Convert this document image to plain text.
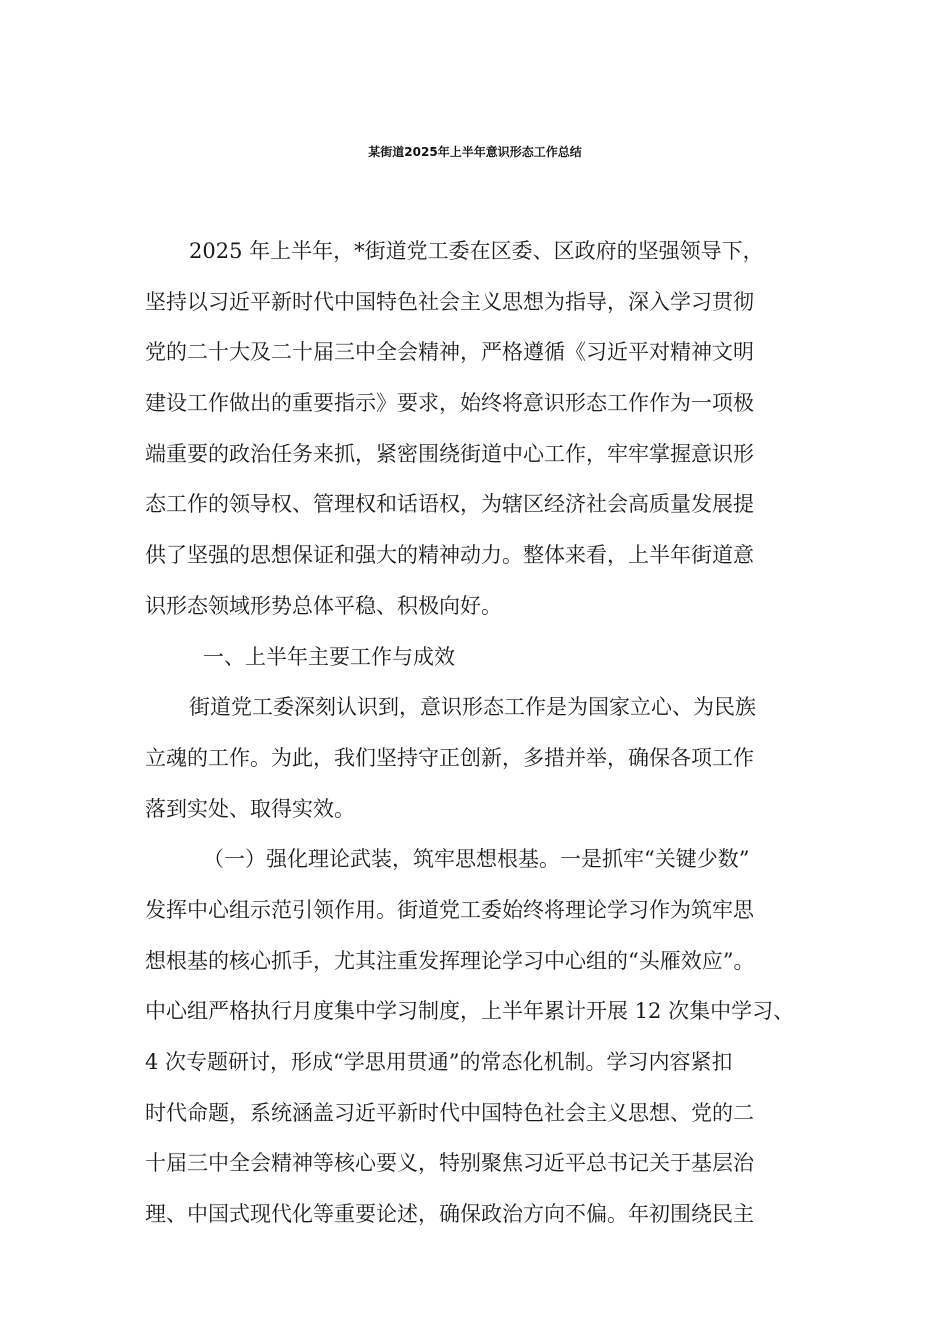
某街道2025年上半年意识形态工作总结
2025 年上半年，*街道党工委在区委、区政府的坚强领导下，
坚持以习近平新时代中国特色社会主义思想为指导，深入学习贯彻
党的二十大及二十届三中全会精神，严格遵循《习近平对精神文明
建设工作做出的重要指示》要求，始终将意识形态工作作为一项极
端重要的政治任务来抓，紧密围绕街道中心工作，牢牢掌握意识形
态工作的领导权、管理权和话语权，为辖区经济社会高质量发展提
供了坚强的思想保证和强大的精神动力。整体来看，上半年街道意
识形态领域形势总体平稳、积极向好。
一、上半年主要工作与成效
街道党工委深刻认识到，意识形态工作是为国家立心、为民族
立魂的工作。为此，我们坚持守正创新，多措并举，确保各项工作
落到实处、取得实效。
（一）强化理论武装，筑牢思想根基。一是抓牢“关键少数”
发挥中心组示范引领作用。街道党工委始终将理论学习作为筑牢思
想根基的核心抓手，尤其注重发挥理论学习中心组的“头雁效应”。
中心组严格执行月度集中学习制度，上半年累计开展 12 次集中学习、
4 次专题研讨，形成“学思用贯通”的常态化机制。学习内容紧扣
时代命题，系统涵盖习近平新时代中国特色社会主义思想、党的二
十届三中全会精神等核心要义，特别聚焦习近平总书记关于基层治
理、中国式现代化等重要论述，确保政治方向不偏。年初围绕民主
